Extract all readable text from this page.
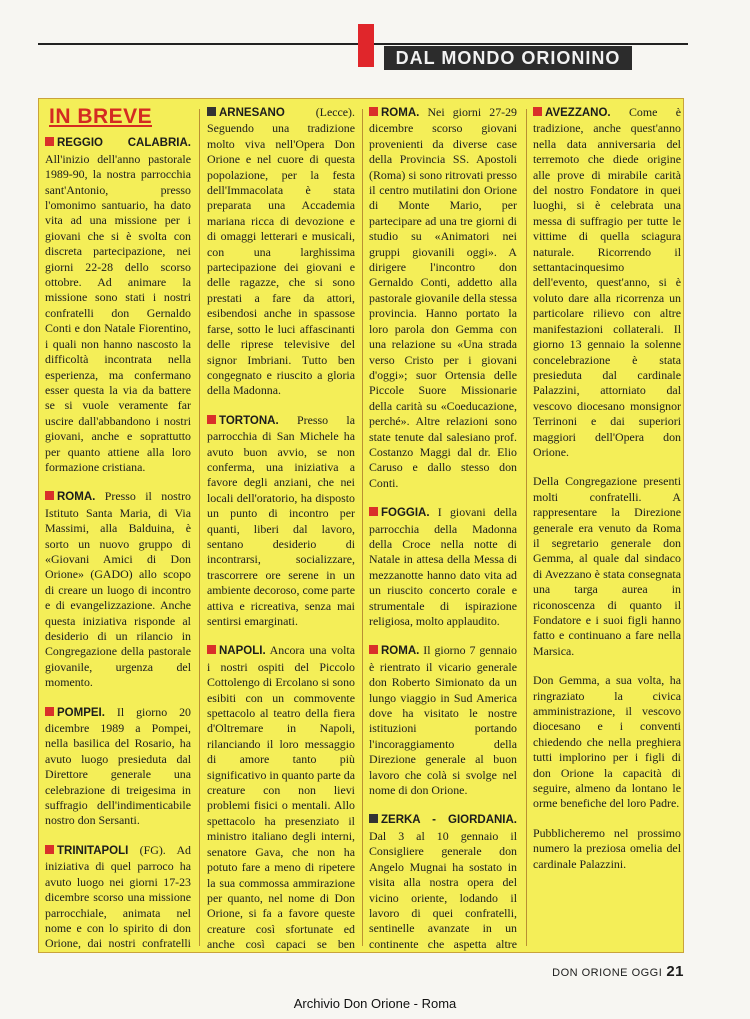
DAL MONDO ORIONINO
IN BREVE

REGGIO CALABRIA. All'inizio dell'anno pastorale 1989-90, la nostra parrocchia sant'Antonio, presso l'omonimo santuario, ha dato vita ad una missione per i giovani che si è svolta con discreta partecipazione, nei giorni 22-28 dello scorso ottobre. Ad animare la missione sono stati i nostri confratelli don Gernaldo Conti e don Natale Fiorentino, i quali non hanno nascosto la difficoltà incontrata nella esperienza, ma confermano esser questa la via da battere se si vuole veramente far uscire dall'abbandono i nostri giovani, anche e soprattutto per quanto attiene alla loro formazione cristiana.

ROMA. Presso il nostro Istituto Santa Maria, di Via Massimi, alla Balduina, è sorto un nuovo gruppo di «Giovani Amici di Don Orione» (GADO) allo scopo di creare un luogo di incontro e di evangelizzazione. Anche questa iniziativa risponde al desiderio di un rilancio in Congregazione della pastorale giovanile, urgenza del momento.

POMPEI. Il giorno 20 dicembre 1989 a Pompei, nella basilica del Rosario, ha avuto luogo presieduta dal Direttore generale una celebrazione di treigesima in suffragio dell'indimenticabile nostro don Sersanti.

TRINITAPOLI (FG). Ad iniziativa di quel parroco ha avuto luogo nei giorni 17-23 dicembre scorso una missione parrocchiale, animata nel nome e con lo spirito di don Orione, dai nostri confratelli

ARNESANO (Lecce). Seguendo una tradizione molto viva nell'Opera Don Orione e nel cuore di questa popolazione, per la festa dell'Immacolata è stata preparata una Accademia mariana ricca di devozione e di omaggi letterari e musicali, con una larghissima partecipazione dei giovani e delle ragazze, che si sono prestati a fare da attori, esibendosi anche in spassose farse, sotto le luci affascinanti delle riprese televisive del signor Imbriani. Tutto ben congegnato e riuscito a gloria della Madonna.

TORTONA. Presso la parrocchia di San Michele ha avuto buon avvio, se non conferma, una iniziativa a favore degli anziani, che nei locali dell'oratorio, ha disposto un punto di incontro per quanti, liberi dal lavoro, sentano desiderio di incontrarsi, socializzare, trascorrere ore serene in un ambiente decoroso, come parte attiva e ricreativa, senza mai sentirsi emarginati.

NAPOLI. Ancora una volta i nostri ospiti del Piccolo Cottolengo di Ercolano si sono esibiti con un commovente spettacolo al teatro della fiera d'Oltremare in Napoli, rilanciando il loro messaggio di amore tanto più significativo in quanto parte da creature con non lievi problemi fisici o mentali. Allo spettacolo ha presenziato il ministro italiano degli interni, senatore Gava, che non ha potuto fare a meno di ripetere la sua commossa ammirazione per quanto, nel nome di Don Orione, si fa a favore queste creature così sfortunate ed anche così capaci se ben

ROMA. Nei giorni 27-29 dicembre scorso giovani provenienti da diverse case della Provincia SS. Apostoli (Roma) si sono ritrovati presso il centro mutilatini don Orione di Monte Mario, per partecipare ad una tre giorni di studio su «Animatori nei gruppi giovanili oggi». A dirigere l'incontro don Gernaldo Conti, addetto alla pastorale giovanile della stessa provincia. Hanno portato la loro parola don Gemma con una relazione su «Una strada verso Cristo per i giovani d'oggi»; suor Ortensia delle Piccole Suore Missionarie della carità su «Coeducazione, perché». Altre relazioni sono state tenute dal salesiano prof. Costanzo Maggi dal dr. Elio Caruso e dallo stesso don Conti.

FOGGIA. I giovani della parrocchia della Madonna della Croce nella notte di Natale in attesa della Messa di mezzanotte hanno dato vita ad un riuscito concerto corale e strumentale di ispirazione religiosa, molto applaudito.

ROMA. Il giorno 7 gennaio è rientrato il vicario generale don Roberto Simionato da un lungo viaggio in Sud America dove ha visitato le nostre istituzioni portando l'incoraggiamento della Direzione generale al buon lavoro che colà si svolge nel nome di don Orione.

ZERKA - GIORDANIA. Dal 3 al 10 gennaio il Consigliere generale don Angelo Mugnai ha sostato in visita alla nostra opera del vicino oriente, lodando il lavoro di quei confratelli, sentinelle avanzate in un continente che aspetta altre

AVEZZANO. Come è tradizione, anche quest'anno nella data anniversaria del terremoto che diede origine alle prove di mirabile carità del nostro Fondatore in quei luoghi, si è celebrata una messa di suffragio per tutte le vittime di quella sciagura naturale. Ricorrendo il settantacinquesimo dell'evento, quest'anno, si è voluto dare alla ricorrenza un particolare rilievo con altre manifestazioni collaterali. Il giorno 13 gennaio la solenne concelebrazione è stata presieduta dal cardinale Palazzini, attorniato dal vescovo diocesano monsignor Terrinoni e dai superiori maggiori dell'Opera don Orione.

Della Congregazione presenti molti confratelli. A rappresentare la Direzione generale era venuto da Roma il segretario generale don Gemma, al quale dal sindaco di Avezzano è stata consegnata una targa aurea in riconoscenza di quanto il Fondatore e i suoi figli hanno fatto e continuano a fare nella Marsica.

Don Gemma, a sua volta, ha ringraziato la civica amministrazione, il vescovo diocesano e i conventi chiedendo che nella preghiera tutti implorino per i figli di don Orione la capacità di seguire, almeno da lontano le orme benefiche del loro Padre.

Pubblicheremo nel prossimo numero la preziosa omelia del cardinale Palazzini.

DON ORIONE OGGI 21
Archivio Don Orione - Roma
